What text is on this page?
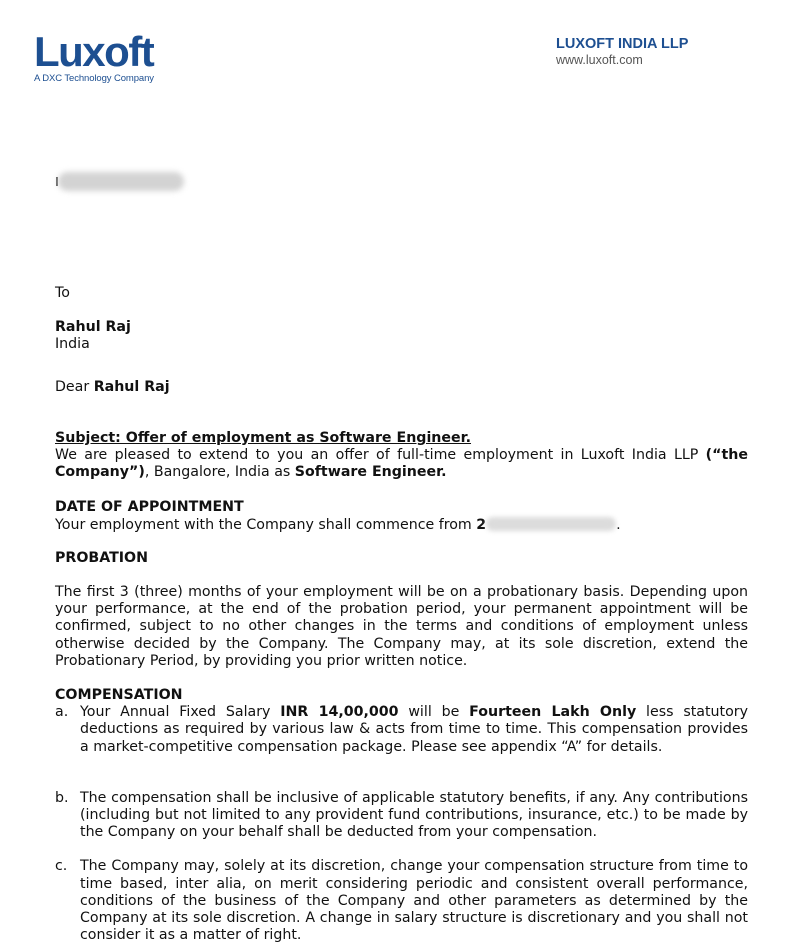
Luxoft
A DXC Technology Company
LUXOFT INDIA LLP
www.luxoft.com

To

Rahul Raj
India

Dear Rahul Raj

Subject: Offer of employment as Software Engineer.

We are pleased to extend to you an offer of full-time employment in Luxoft India LLP (“the Company”), Bangalore, India as Software Engineer.

DATE OF APPOINTMENT

Your employment with the Company shall commence from 2	.

PROBATION

The first 3 (three) months of your employment will be on a probationary basis. Depending upon your performance, at the end of the probation period, your permanent appointment will be confirmed, subject to no other changes in the terms and conditions of employment unless otherwise decided by the Company. The Company may, at its sole discretion, extend the Probationary Period, by providing you prior written notice.

COMPENSATION

a. Your Annual Fixed Salary INR 14,00,000 will be Fourteen Lakh Only less statutory deductions as required by various law & acts from time to time. This compensation provides a market-competitive compensation package. Please see appendix “A” for details.
b. The compensation shall be inclusive of applicable statutory benefits, if any. Any contributions (including but not limited to any provident fund contributions, insurance, etc.) to be made by the Company on your behalf shall be deducted from your compensation.
c. The Company may, solely at its discretion, change your compensation structure from time to time based, inter alia, on merit considering periodic and consistent overall performance, conditions of the business of the Company and other parameters as determined by the Company at its sole discretion. A change in salary structure is discretionary and you shall not consider it as a matter of right.
